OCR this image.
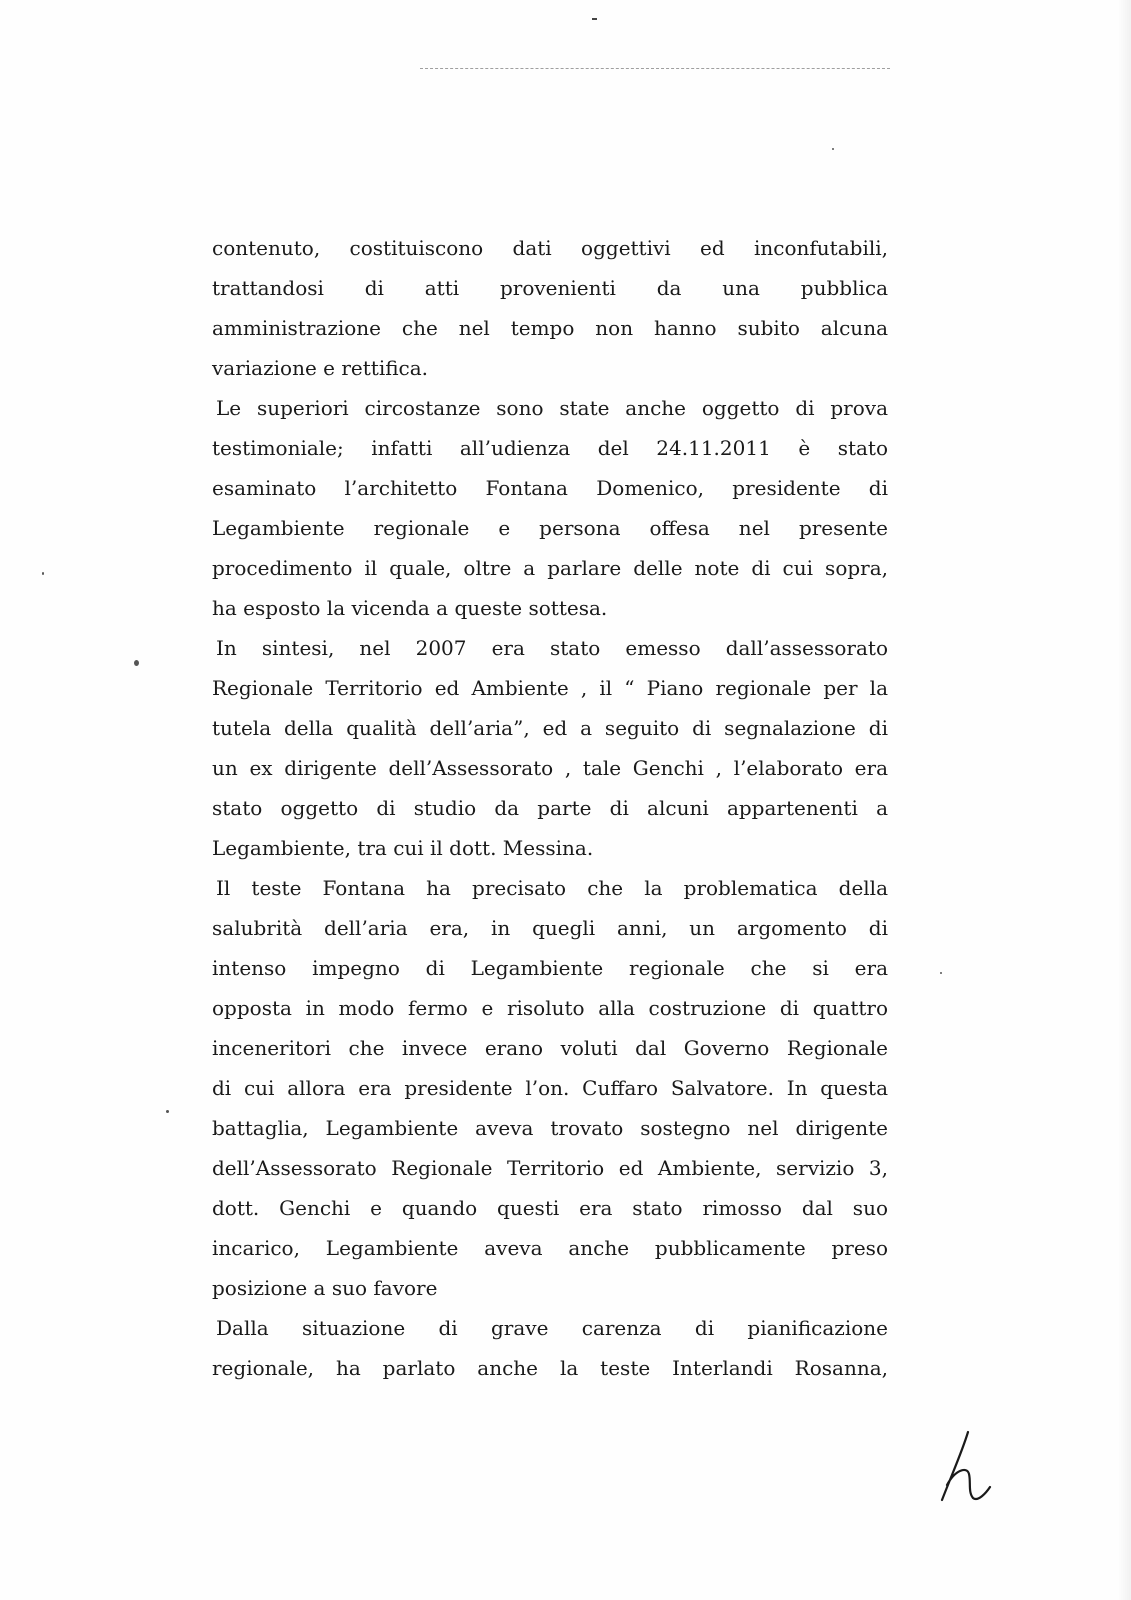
contenuto, costituiscono dati oggettivi ed inconfutabili,
trattandosi di atti provenienti da una pubblica
amministrazione che nel tempo non hanno subito alcuna
variazione e rettifica.
Le superiori circostanze sono state anche oggetto di prova
testimoniale; infatti all’udienza del 24.11.2011 è stato
esaminato l’architetto Fontana Domenico, presidente di
Legambiente regionale e persona offesa nel presente
procedimento il quale, oltre a parlare delle note di cui sopra,
ha esposto la vicenda a queste sottesa.
In sintesi, nel 2007 era stato emesso dall’assessorato
Regionale Territorio ed Ambiente , il “ Piano regionale per la
tutela della qualità dell’aria”, ed a seguito di segnalazione di
un ex dirigente dell’Assessorato , tale Genchi , l’elaborato era
stato oggetto di studio da parte di alcuni appartenenti a
Legambiente, tra cui il dott. Messina.
Il teste Fontana ha precisato che la problematica della
salubrità dell’aria era, in quegli anni, un argomento di
intenso impegno di Legambiente regionale che si era
opposta in modo fermo e risoluto alla costruzione di quattro
inceneritori che invece erano voluti dal Governo Regionale
di cui allora era presidente l’on. Cuffaro Salvatore. In questa
battaglia, Legambiente aveva trovato sostegno nel dirigente
dell’Assessorato Regionale Territorio ed Ambiente, servizio 3,
dott. Genchi e quando questi era stato rimosso dal suo
incarico, Legambiente aveva anche pubblicamente preso
posizione a suo favore
Dalla situazione di grave carenza di pianificazione
regionale, ha parlato anche la teste Interlandi Rosanna,
